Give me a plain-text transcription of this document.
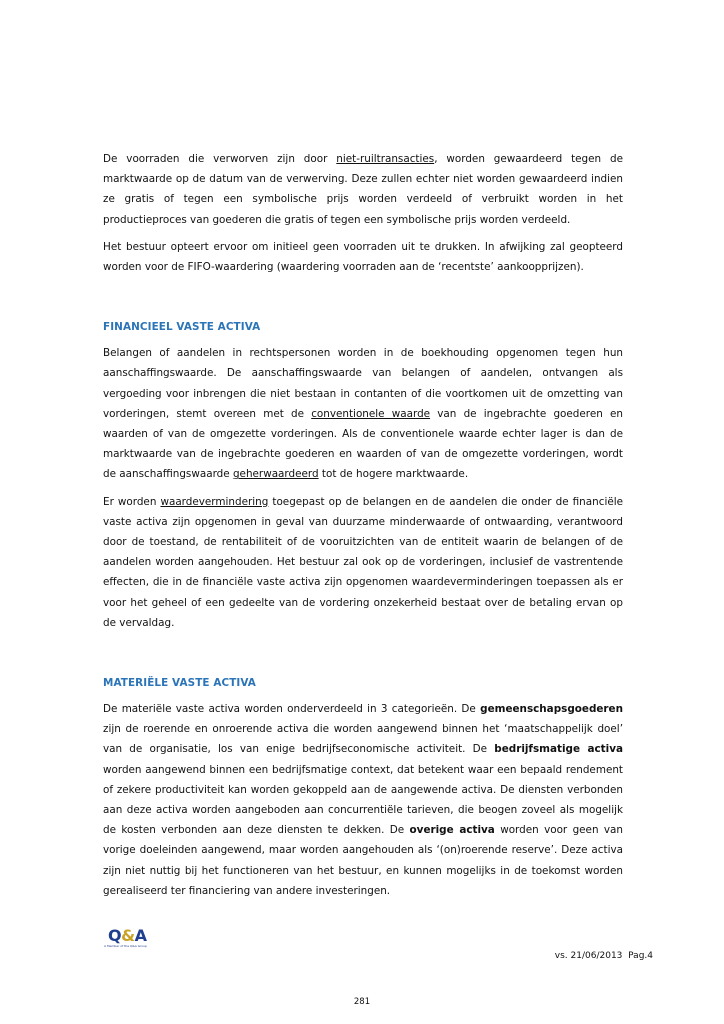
De voorraden die verworven zijn door niet-ruiltransacties, worden gewaardeerd tegen de marktwaarde op de datum van de verwerving. Deze zullen echter niet worden gewaardeerd indien ze gratis of tegen een symbolische prijs worden verdeeld of verbruikt worden in het productieproces van goederen die gratis of tegen een symbolische prijs worden verdeeld.

Het bestuur opteert ervoor om initieel geen voorraden uit te drukken. In afwijking zal geopteerd worden voor de FIFO-waardering (waardering voorraden aan de ‘recentste’ aankoopprijzen).

FINANCIEEL VASTE ACTIVA

Belangen of aandelen in rechtspersonen worden in de boekhouding opgenomen tegen hun aanschaffingswaarde. De aanschaffingswaarde van belangen of aandelen, ontvangen als vergoeding voor inbrengen die niet bestaan in contanten of die voortkomen uit de omzetting van vorderingen, stemt overeen met de conventionele waarde van de ingebrachte goederen en waarden of van de omgezette vorderingen. Als de conventionele waarde echter lager is dan de marktwaarde van de ingebrachte goederen en waarden of van de omgezette vorderingen, wordt de aanschaffingswaarde geherwaardeerd tot de hogere marktwaarde.

Er worden waardevermindering toegepast op de belangen en de aandelen die onder de financiële vaste activa zijn opgenomen in geval van duurzame minderwaarde of ontwaarding, verantwoord door de toestand, de rentabiliteit of de vooruitzichten van de entiteit waarin de belangen of de aandelen worden aangehouden. Het bestuur zal ook op de vorderingen, inclusief de vastrentende effecten, die in de financiële vaste activa zijn opgenomen waardeverminderingen toepassen als er voor het geheel of een gedeelte van de vordering onzekerheid bestaat over de betaling ervan op de vervaldag.

MATERIËLE VASTE ACTIVA

De materiële vaste activa worden onderverdeeld in 3 categorieën. De gemeenschapsgoederen zijn de roerende en onroerende activa die worden aangewend binnen het ‘maatschappelijk doel’ van de organisatie, los van enige bedrijfseconomische activiteit. De bedrijfsmatige activa worden aangewend binnen een bedrijfsmatige context, dat betekent waar een bepaald rendement of zekere productiviteit kan worden gekoppeld aan de aangewende activa. De diensten verbonden aan deze activa worden aangeboden aan concurrentiële tarieven, die beogen zoveel als mogelijk de kosten verbonden aan deze diensten te dekken. De overige activa worden voor geen van vorige doeleinden aangewend, maar worden aangehouden als ‘(on)roerende reserve’. Deze activa zijn niet nuttig bij het functioneren van het bestuur, en kunnen mogelijks in de toekomst worden gerealiseerd ter financiering van andere investeringen.

Q&A
A Member of the Q&A Group
vs. 21/06/2013 Pag.4
281
